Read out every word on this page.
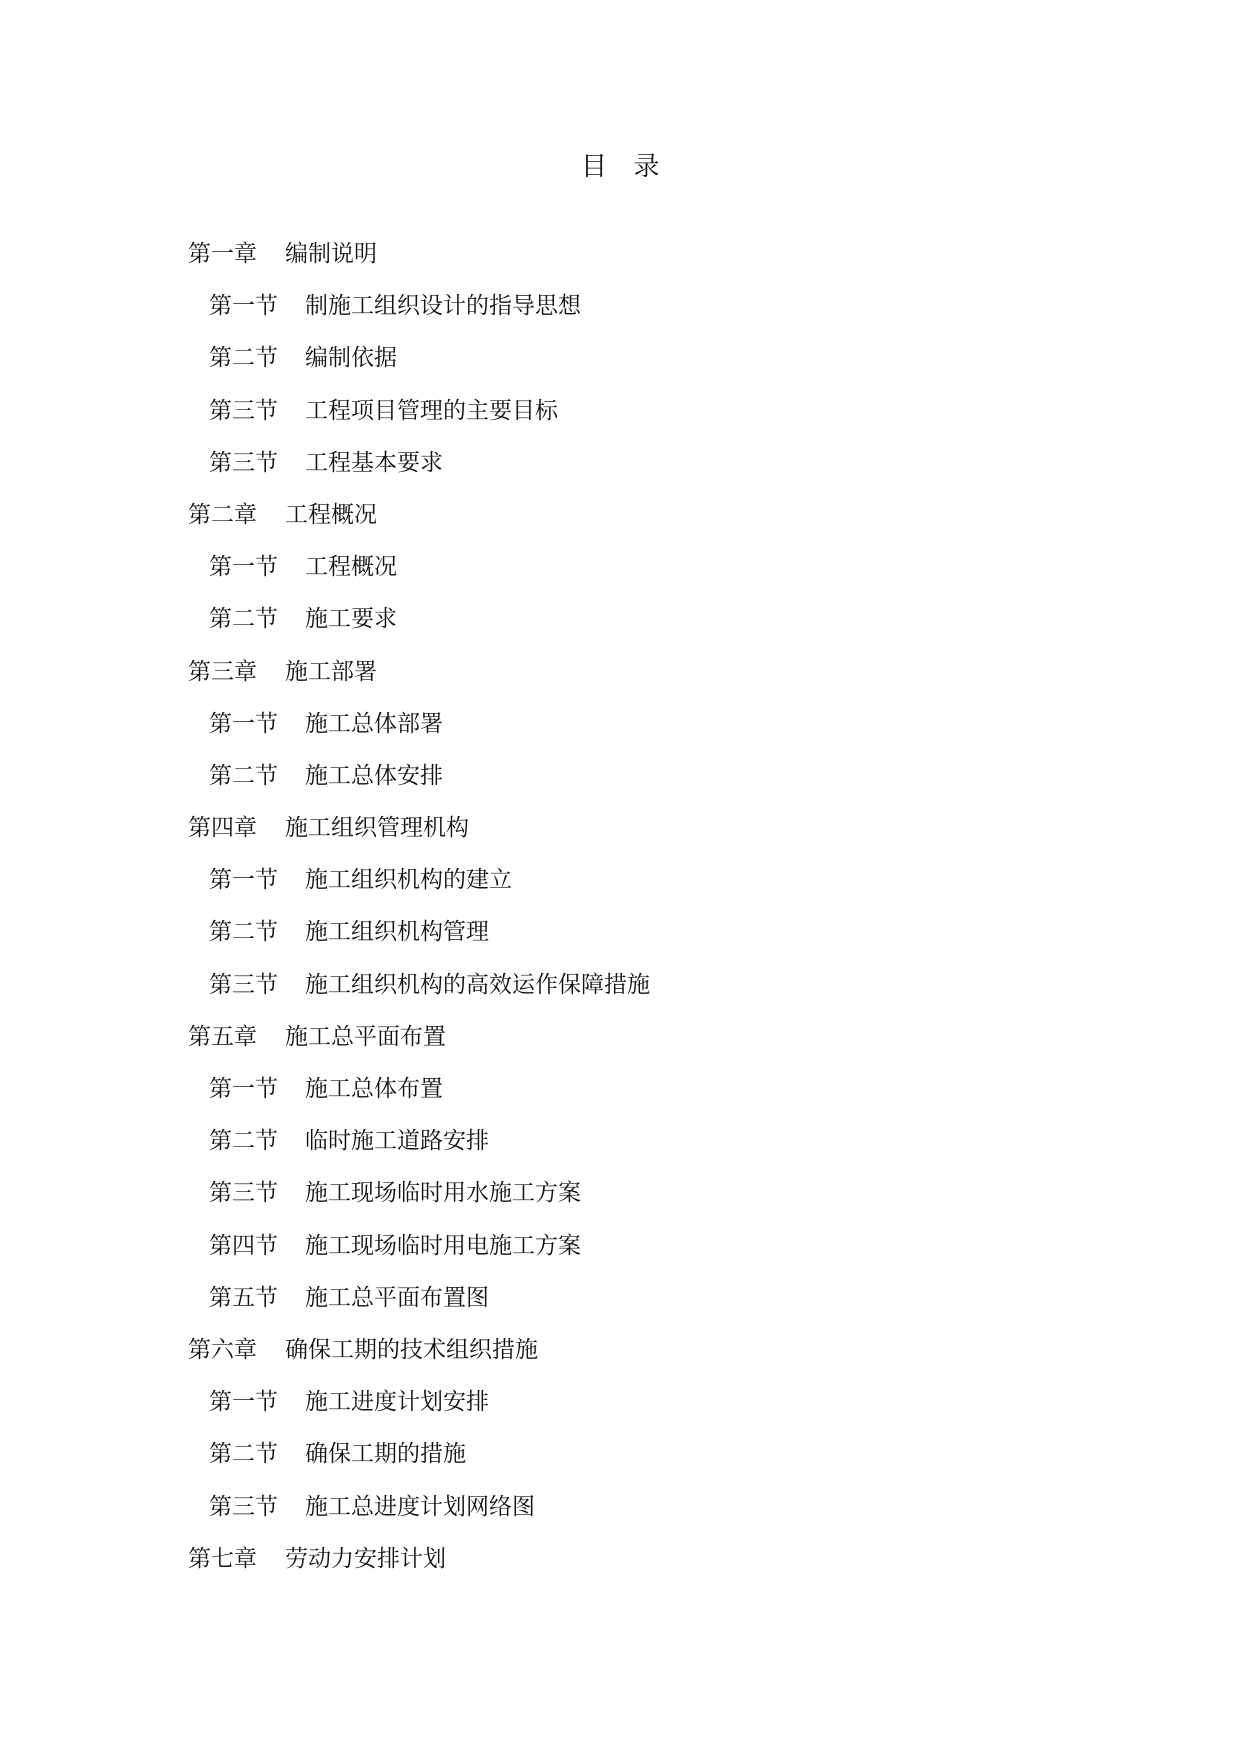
目 录
第一章 编制说明
第一节 制施工组织设计的指导思想
第二节 编制依据
第三节 工程项目管理的主要目标
第三节 工程基本要求
第二章 工程概况
第一节 工程概况
第二节 施工要求
第三章 施工部署
第一节 施工总体部署
第二节 施工总体安排
第四章 施工组织管理机构
第一节 施工组织机构的建立
第二节 施工组织机构管理
第三节 施工组织机构的高效运作保障措施
第五章 施工总平面布置
第一节 施工总体布置
第二节 临时施工道路安排
第三节 施工现场临时用水施工方案
第四节 施工现场临时用电施工方案
第五节 施工总平面布置图
第六章 确保工期的技术组织措施
第一节 施工进度计划安排
第二节 确保工期的措施
第三节 施工总进度计划网络图
第七章 劳动力安排计划
